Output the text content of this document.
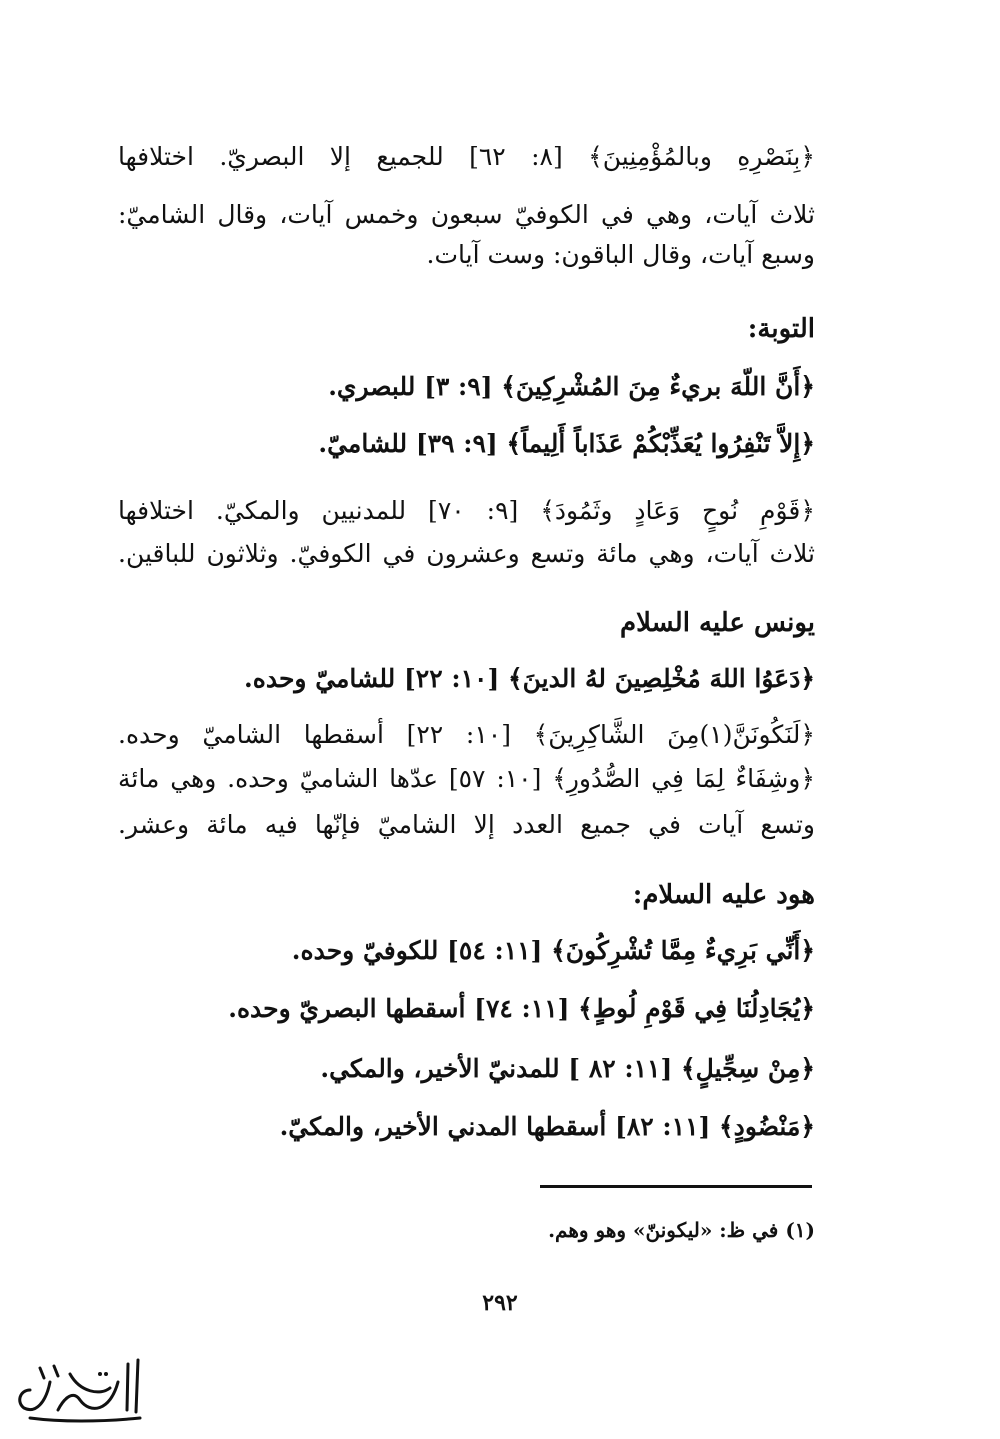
﴿بِنَصْرِهِ وبالمُؤْمِنِينَ﴾ [٨: ٦٢] للجميع إلا البصريّ. اختلافها
ثلاث آيات، وهي في الكوفيّ سبعون وخمس آيات، وقال الشاميّ:
وسبع آيات، وقال الباقون: وست آيات.
التوبة:
﴿أَنَّ اللّهَ بريءٌ مِنَ المُشْرِكِينَ﴾ [٩: ٣] للبصري.
﴿إِلاَّ تَنْفِرُوا يُعَذِّبْكُمْ عَذَاباً أَلِيماً﴾ [٩: ٣٩] للشاميّ.
﴿قَوْمِ نُوحٍ وَعَادٍ وثَمُودَ﴾ [٩: ٧٠] للمدنيين والمكيّ. اختلافها
ثلاث آيات، وهي مائة وتسع وعشرون في الكوفيّ. وثلاثون للباقين.
يونس عليه السلام
﴿دَعَوُا اللهَ مُخْلِصِينَ لهُ الدينَ﴾ [١٠: ٢٢] للشاميّ وحده.
﴿لَنَكُونَنَّ(١)مِنَ الشَّاكِرِينَ﴾ [١٠: ٢٢] أسقطها الشاميّ وحده.
﴿وشِفَاءٌ لِمَا فِي الصُّدُورِ﴾ [١٠: ٥٧] عدّها الشاميّ وحده. وهي مائة
وتسع آيات في جميع العدد إلا الشاميّ فإنّها فيه مائة وعشر.
هود عليه السلام:
﴿أَنِّي بَرِيءٌ مِمَّا تُشْرِكُونَ﴾ [١١: ٥٤] للكوفيّ وحده.
﴿يُجَادِلُنَا فِي قَوْمِ لُوطٍ﴾ [١١: ٧٤] أسقطها البصريّ وحده.
﴿مِنْ سِجِّيلٍ﴾ [١١: ٨٢ ] للمدنيّ الأخير، والمكي.
﴿مَنْضُودٍ﴾ [١١: ٨٢] أسقطها المدني الأخير، والمكيّ.
(١) في ظ: «ليكوننّ» وهو وهم.
٢٩٢
